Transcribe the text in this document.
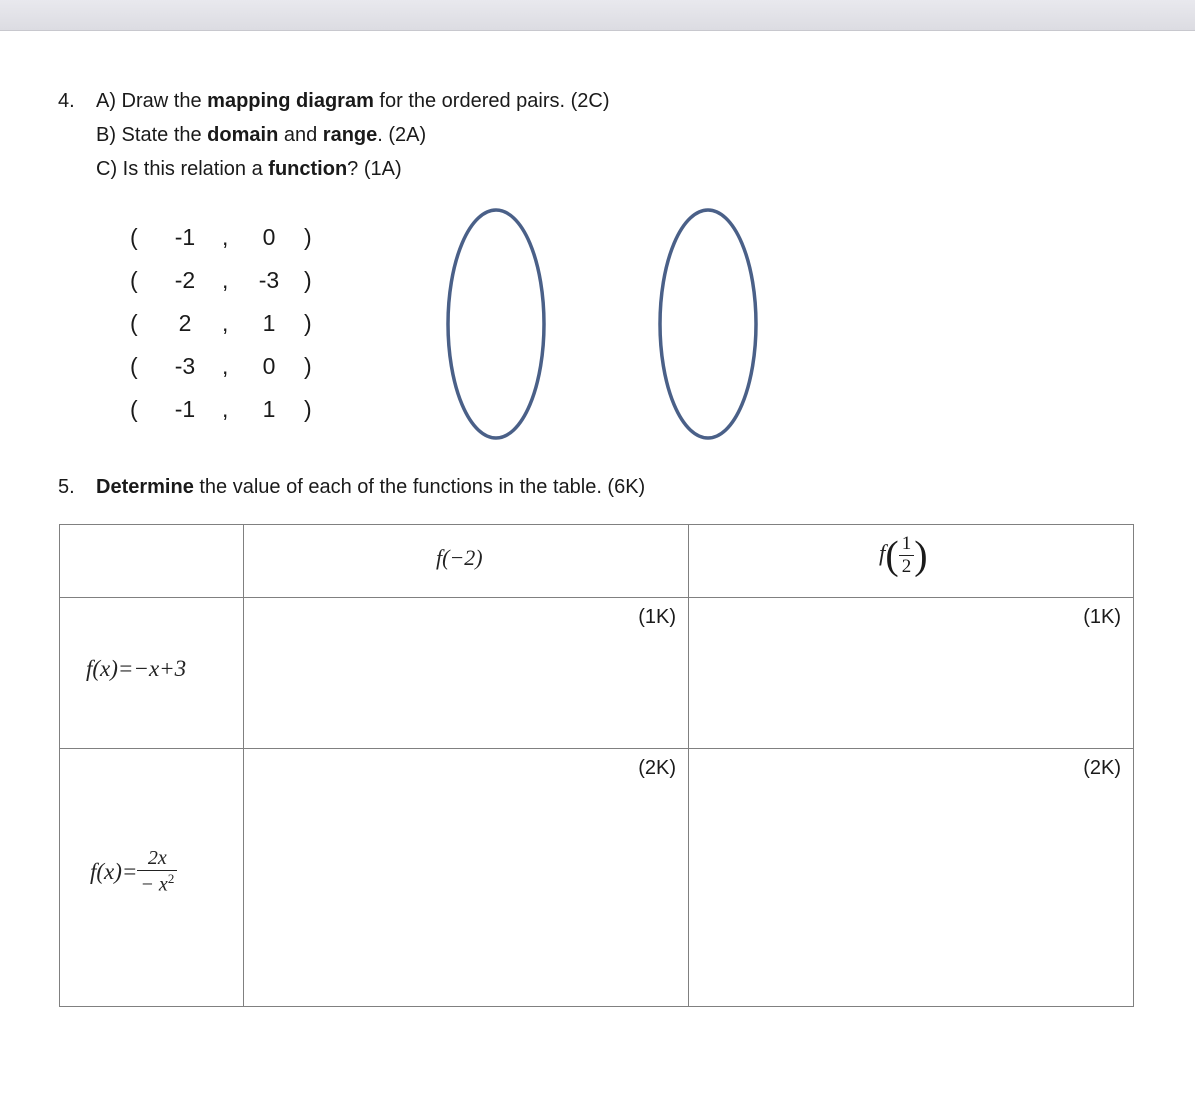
4. A) Draw the mapping diagram for the ordered pairs. (2C)
B) State the domain and range. (2A)
C) Is this relation a function? (1A)
(	-1	,	0	)
(	-2	, -3 )
(	2	,	1	)
(	-3	,	0	)
(	-1	,	1	)
5. Determine the value of each of the functions in the table. (6K)

	f(−2)	$f( \frac{1}{2}$ )

f(x)=−x+3	(1K)	(1K)

$f(x)= \frac{2x}{- x^2}$	(2K)	(2K)
